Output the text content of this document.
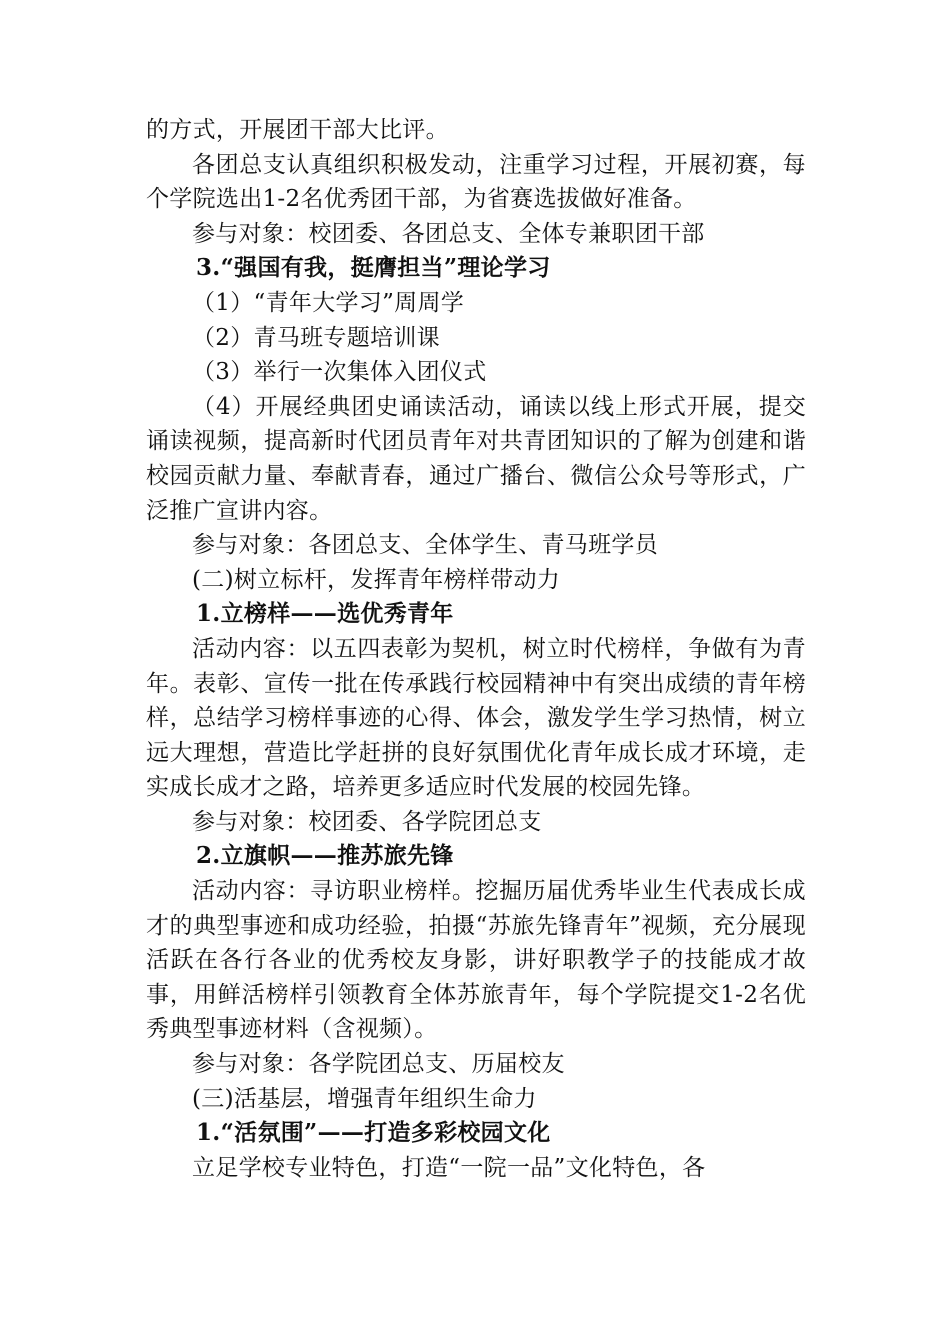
的方式，开展团干部大比评。

各团总支认真组织积极发动，注重学习过程，开展初赛，每个学院选出1-2名优秀团干部，为省赛选拔做好准备。

参与对象：校团委、各团总支、全体专兼职团干部

3.“强国有我，挺膺担当”理论学习

（1）“青年大学习”周周学

（2）青马班专题培训课

（3）举行一次集体入团仪式

（4）开展经典团史诵读活动，诵读以线上形式开展，提交诵读视频，提高新时代团员青年对共青团知识的了解为创建和谐校园贡献力量、奉献青春，通过广播台、微信公众号等形式，广泛推广宣讲内容。

参与对象：各团总支、全体学生、青马班学员

(二)树立标杆，发挥青年榜样带动力

1.立榜样——选优秀青年

活动内容：以五四表彰为契机，树立时代榜样，争做有为青年。表彰、宣传一批在传承践行校园精神中有突出成绩的青年榜样，总结学习榜样事迹的心得、体会，激发学生学习热情，树立远大理想，营造比学赶拼的良好氛围优化青年成长成才环境，走实成长成才之路，培养更多适应时代发展的校园先锋。

参与对象：校团委、各学院团总支

2.立旗帜——推苏旅先锋

活动内容：寻访职业榜样。挖掘历届优秀毕业生代表成长成才的典型事迹和成功经验，拍摄“苏旅先锋青年”视频，充分展现活跃在各行各业的优秀校友身影，讲好职教学子的技能成才故事，用鲜活榜样引领教育全体苏旅青年，每个学院提交1-2名优秀典型事迹材料（含视频）。

参与对象：各学院团总支、历届校友

(三)活基层，增强青年组织生命力

1.“活氛围”——打造多彩校园文化

立足学校专业特色，打造“一院一品”文化特色，各
